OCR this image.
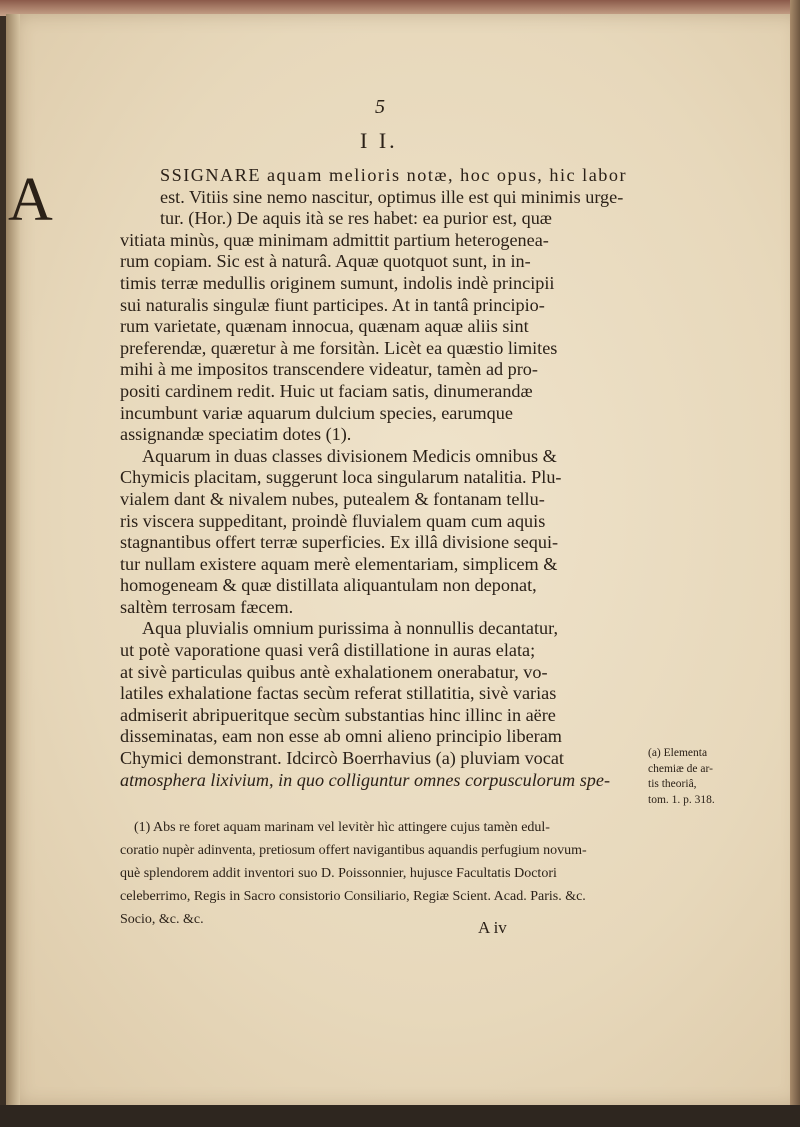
5
I I.
A	SSIGNARE aquam melioris notæ, hoc opus, hic labor
est. Vitiis sine nemo nascitur, optimus ille est qui minimis urge-
tur. (Hor.) De aquis ità se res habet: ea purior est, quæ
vitiata minùs, quæ minimam admittit partium heterogenea-
rum copiam. Sic est à naturâ. Aquæ quotquot sunt, in in-
timis terræ medullis originem sumunt, indolis indè principii
sui naturalis singulæ fiunt participes. At in tantâ principio-
rum varietate, quænam innocua, quænam aquæ aliis sint
preferendæ, quæretur à me forsitàn. Licèt ea quæstio limites
mihi à me impositos transcendere videatur, tamèn ad pro-
positi cardinem redit. Huic ut faciam satis, dinumerandæ
incumbunt variæ aquarum dulcium species, earumque
assignandæ speciatim dotes (1).
Aquarum in duas classes divisionem Medicis omnibus &
Chymicis placitam, suggerunt loca singularum natalitia. Plu-
vialem dant & nivalem nubes, putealem & fontanam tellu-
ris viscera suppeditant, proindè fluvialem quam cum aquis
stagnantibus offert terræ superficies. Ex illâ divisione sequi-
tur nullam existere aquam merè elementariam, simplicem &
homogeneam & quæ distillata aliquantulam non deponat,
saltèm terrosam fæcem.
Aqua pluvialis omnium purissima à nonnullis decantatur,
ut potè vaporatione quasi verâ distillatione in auras elata;
at sivè particulas quibus antè exhalationem onerabatur, vo-
latiles exhalatione factas secùm referat stillatitia, sivè varias
admiserit abripueritque secùm substantias hinc illinc in aëre
disseminatas, eam non esse ab omni alieno principio liberam
Chymici demonstrant. Idcircò Boerrhavius (a) pluviam vocat
atmosphera lixivium, in quo colliguntur omnes corpusculorum spe-
(a) Elementa
chemiæ de ar-
tis theoriâ,
tom. 1. p. 318.
(1) Abs re foret aquam marinam vel levitèr hìc attingere cujus tamèn edul-
coratio nupèr adinventa, pretiosum offert navigantibus aquandis perfugium novum-
què splendorem addit inventori suo D. Poissonnier, hujusce Facultatis Doctori
celeberrimo, Regis in Sacro consistorio Consiliario, Regiæ Scient. Acad. Paris. &c.
Socio, &c. &c.	A iv
